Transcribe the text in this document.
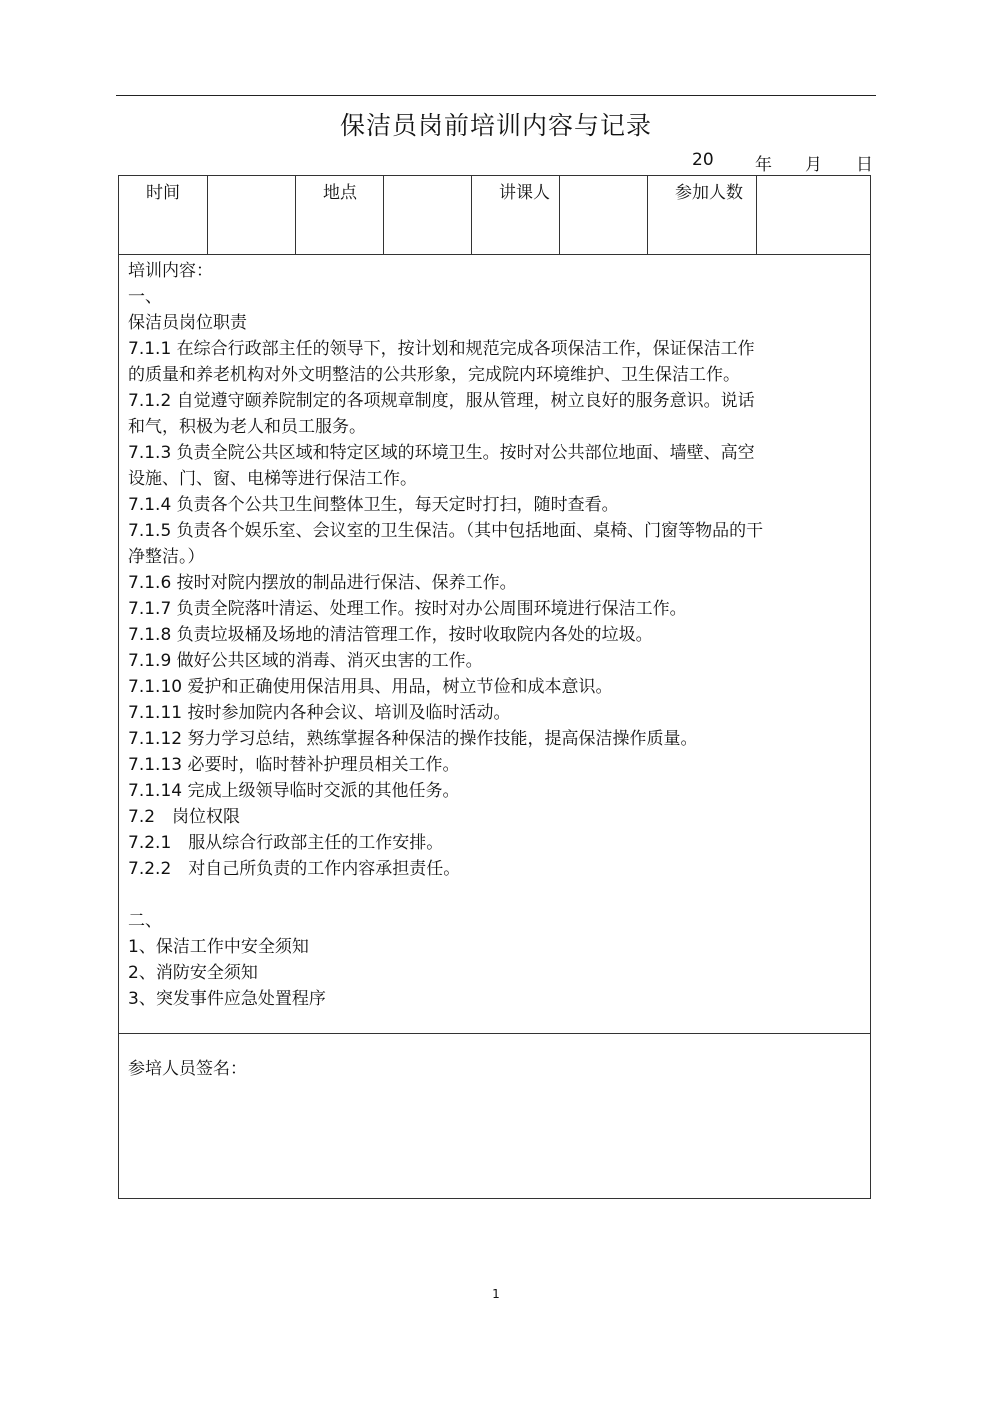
保洁员岗前培训内容与记录
20 年 月 日
时间	地点	讲课人	参加人数
培训内容：
一、
保洁员岗位职责
7.1.1 在综合行政部主任的领导下，按计划和规范完成各项保洁工作，保证保洁工作
的质量和养老机构对外文明整洁的公共形象，完成院内环境维护、卫生保洁工作。
7.1.2 自觉遵守颐养院制定的各项规章制度，服从管理，树立良好的服务意识。说话
和气，积极为老人和员工服务。
7.1.3 负责全院公共区域和特定区域的环境卫生。按时对公共部位地面、墙壁、高空
设施、门、窗、电梯等进行保洁工作。
7.1.4 负责各个公共卫生间整体卫生，每天定时打扫，随时查看。
7.1.5 负责各个娱乐室、会议室的卫生保洁。（其中包括地面、桌椅、门窗等物品的干
净整洁。）
7.1.6 按时对院内摆放的制品进行保洁、保养工作。
7.1.7 负责全院落叶清运、处理工作。按时对办公周围环境进行保洁工作。
7.1.8 负责垃圾桶及场地的清洁管理工作，按时收取院内各处的垃圾。
7.1.9 做好公共区域的消毒、消灭虫害的工作。
7.1.10 爱护和正确使用保洁用具、用品，树立节俭和成本意识。
7.1.11 按时参加院内各种会议、培训及临时活动。
7.1.12 努力学习总结，熟练掌握各种保洁的操作技能，提高保洁操作质量。
7.1.13 必要时，临时替补护理员相关工作。
7.1.14 完成上级领导临时交派的其他任务。
7.2　岗位权限
7.2.1　服从综合行政部主任的工作安排。
7.2.2　对自己所负责的工作内容承担责任。
二、
1、保洁工作中安全须知
2、消防安全须知
3、突发事件应急处置程序
参培人员签名：
1
